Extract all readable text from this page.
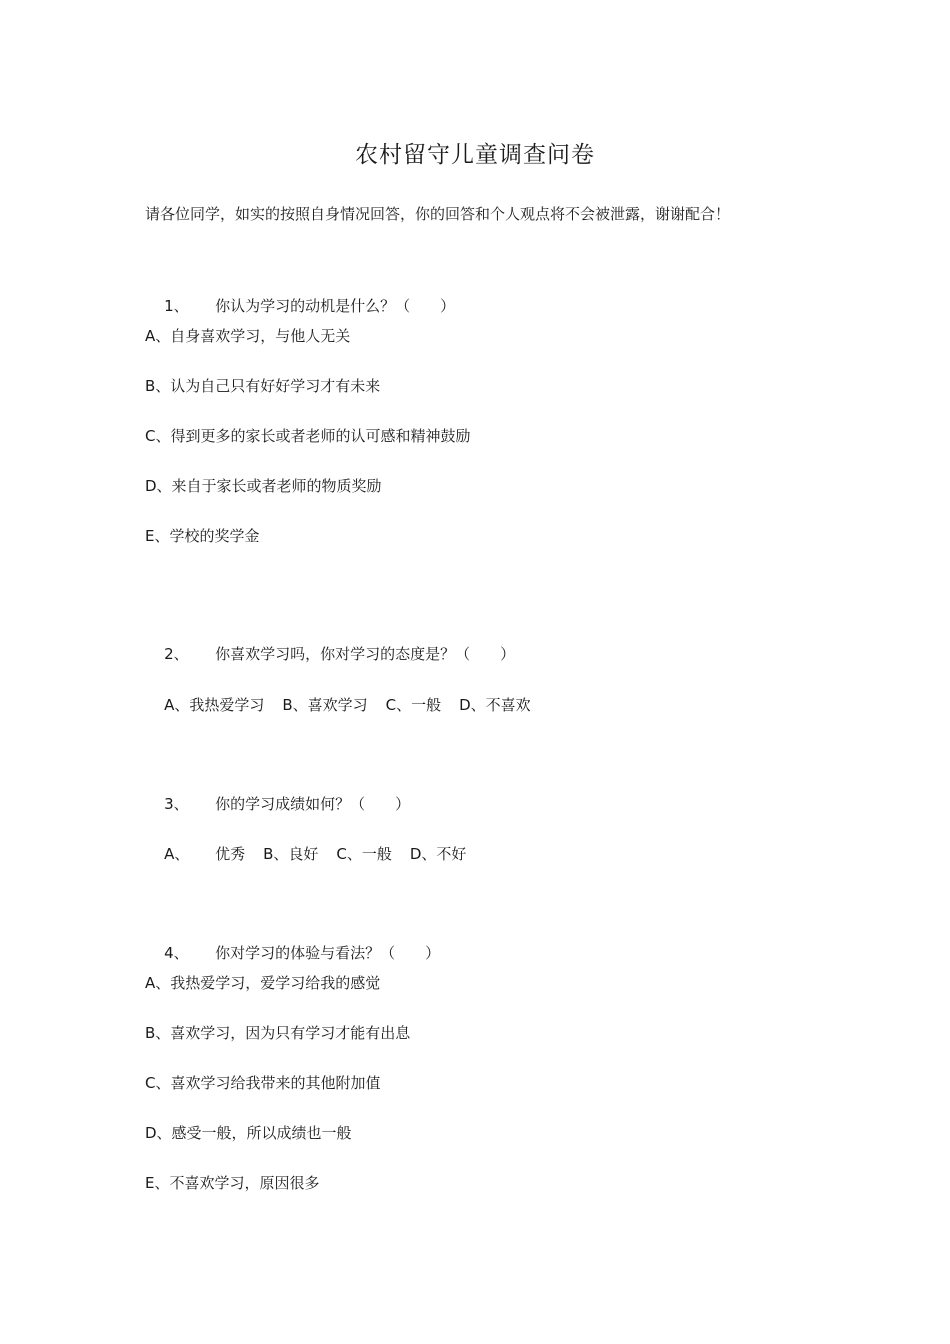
农村留守儿童调查问卷
请各位同学，如实的按照自身情况回答，你的回答和个人观点将不会被泄露，谢谢配合！

1、 你认为学习的动机是什么？（　　）

A、自身喜欢学习，与他人无关
B、认为自己只有好好学习才有未来
C、得到更多的家长或者老师的认可感和精神鼓励
D、来自于家长或者老师的物质奖励
E、学校的奖学金

2、 你喜欢学习吗，你对学习的态度是？（　　）

A、我热爱学习 B、喜欢学习 C、一般 D、不喜欢

3、 你的学习成绩如何？（　　）

A、 优秀 B、良好 C、一般 D、不好

4、 你对学习的体验与看法？（　　）

A、我热爱学习，爱学习给我的感觉
B、喜欢学习，因为只有学习才能有出息
C、喜欢学习给我带来的其他附加值
D、感受一般，所以成绩也一般
E、不喜欢学习，原因很多
